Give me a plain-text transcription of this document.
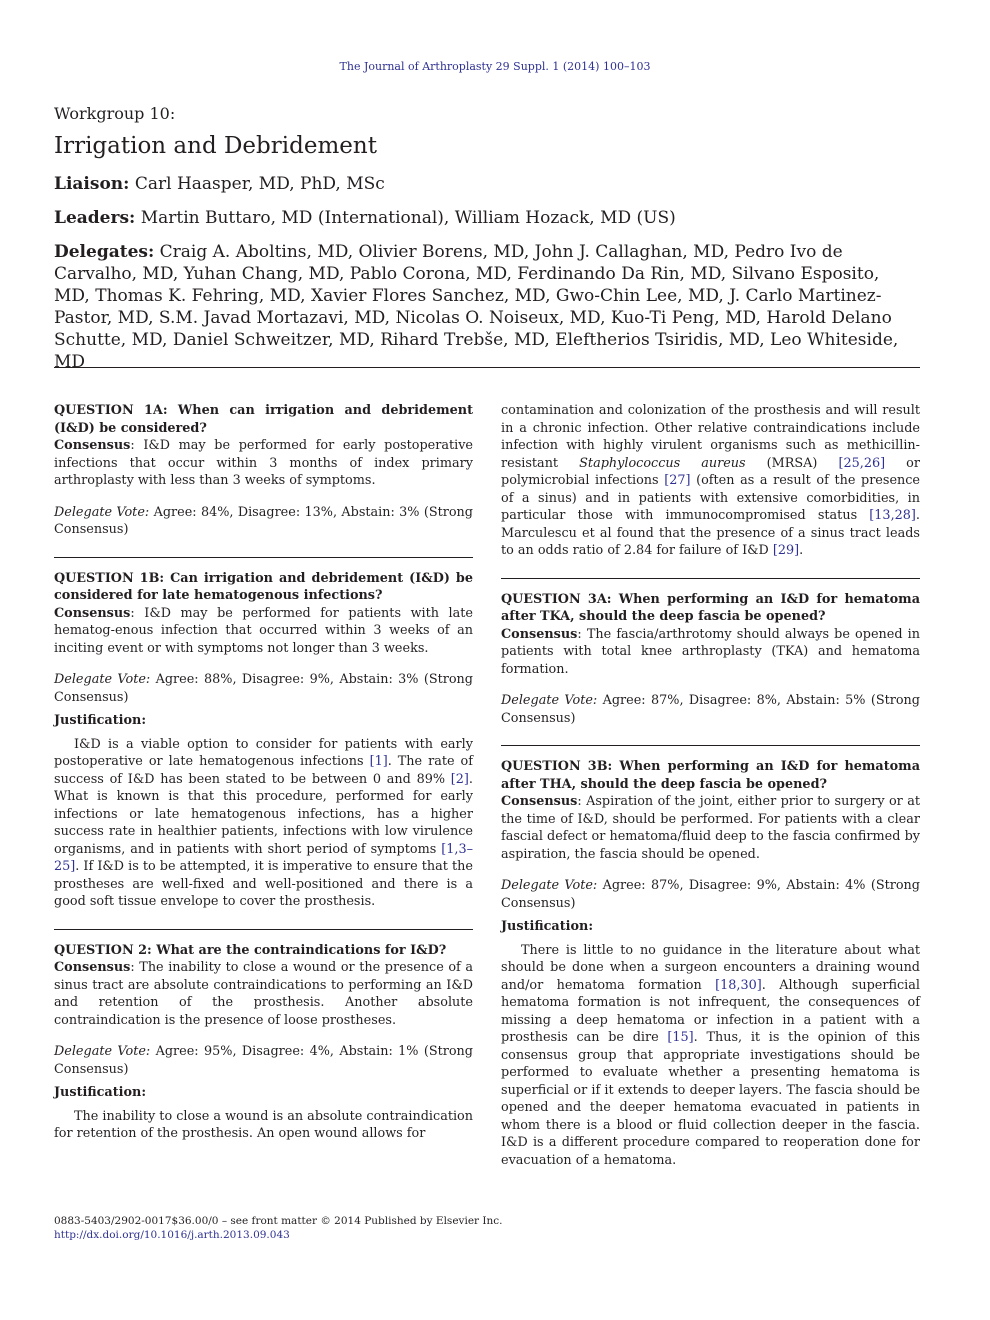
The Journal of Arthroplasty 29 Suppl. 1 (2014) 100–103

Workgroup 10:

Irrigation and Debridement

Liaison: Carl Haasper, MD, PhD, MSc

Leaders: Martin Buttaro, MD (International), William Hozack, MD (US)

Delegates: Craig A. Aboltins, MD, Olivier Borens, MD, John J. Callaghan, MD, Pedro Ivo de Carvalho, MD, Yuhan Chang, MD, Pablo Corona, MD, Ferdinando Da Rin, MD, Silvano Esposito, MD, Thomas K. Fehring, MD, Xavier Flores Sanchez, MD, Gwo-Chin Lee, MD, J. Carlo Martinez-Pastor, MD, S.M. Javad Mortazavi, MD, Nicolas O. Noiseux, MD, Kuo-Ti Peng, MD, Harold Delano Schutte, MD, Daniel Schweitzer, MD, Rihard Trebše, MD, Eleftherios Tsiridis, MD, Leo Whiteside, MD

QUESTION 1A: When can irrigation and debridement (I&D) be considered?

Consensus: I&D may be performed for early postoperative infections that occur within 3 months of index primary arthroplasty with less than 3 weeks of symptoms.

Delegate Vote: Agree: 84%, Disagree: 13%, Abstain: 3% (Strong Consensus)

QUESTION 1B: Can irrigation and debridement (I&D) be considered for late hematogenous infections?

Consensus: I&D may be performed for patients with late hematog-enous infection that occurred within 3 weeks of an inciting event or with symptoms not longer than 3 weeks.

Delegate Vote: Agree: 88%, Disagree: 9%, Abstain: 3% (Strong Consensus)

Justification:

I&D is a viable option to consider for patients with early postoperative or late hematogenous infections [1]. The rate of success of I&D has been stated to be between 0 and 89% [2]. What is known is that this procedure, performed for early infections or late hematogenous infections, has a higher success rate in healthier patients, infections with low virulence organisms, and in patients with short period of symptoms [1,3–25]. If I&D is to be attempted, it is imperative to ensure that the prostheses are well-fixed and well-positioned and there is a good soft tissue envelope to cover the prosthesis.

QUESTION 2: What are the contraindications for I&D?

Consensus: The inability to close a wound or the presence of a sinus tract are absolute contraindications to performing an I&D and retention of the prosthesis. Another absolute contraindication is the presence of loose prostheses.

Delegate Vote: Agree: 95%, Disagree: 4%, Abstain: 1% (Strong Consensus)

Justification:

The inability to close a wound is an absolute contraindication for retention of the prosthesis. An open wound allows for

contamination and colonization of the prosthesis and will result in a chronic infection. Other relative contraindications include infection with highly virulent organisms such as methicillin-resistant Staphylococcus aureus (MRSA) [25,26] or polymicrobial infections [27] (often as a result of the presence of a sinus) and in patients with extensive comorbidities, in particular those with immunocompromised status [13,28]. Marculescu et al found that the presence of a sinus tract leads to an odds ratio of 2.84 for failure of I&D [29].

QUESTION 3A: When performing an I&D for hematoma after TKA, should the deep fascia be opened?

Consensus: The fascia/arthrotomy should always be opened in patients with total knee arthroplasty (TKA) and hematoma formation.

Delegate Vote: Agree: 87%, Disagree: 8%, Abstain: 5% (Strong Consensus)

QUESTION 3B: When performing an I&D for hematoma after THA, should the deep fascia be opened?

Consensus: Aspiration of the joint, either prior to surgery or at the time of I&D, should be performed. For patients with a clear fascial defect or hematoma/fluid deep to the fascia confirmed by aspiration, the fascia should be opened.

Delegate Vote: Agree: 87%, Disagree: 9%, Abstain: 4% (Strong Consensus)

Justification:

There is little to no guidance in the literature about what should be done when a surgeon encounters a draining wound and/or hematoma formation [18,30]. Although superficial hematoma formation is not infrequent, the consequences of missing a deep hematoma or infection in a patient with a prosthesis can be dire [15]. Thus, it is the opinion of this consensus group that appropriate investigations should be performed to evaluate whether a presenting hematoma is superficial or if it extends to deeper layers. The fascia should be opened and the deeper hematoma evacuated in patients in whom there is a blood or fluid collection deeper in the fascia. I&D is a different procedure compared to reoperation done for evacuation of a hematoma.

0883-5403/2902-0017$36.00/0 – see front matter © 2014 Published by Elsevier Inc.
http://dx.doi.org/10.1016/j.arth.2013.09.043
